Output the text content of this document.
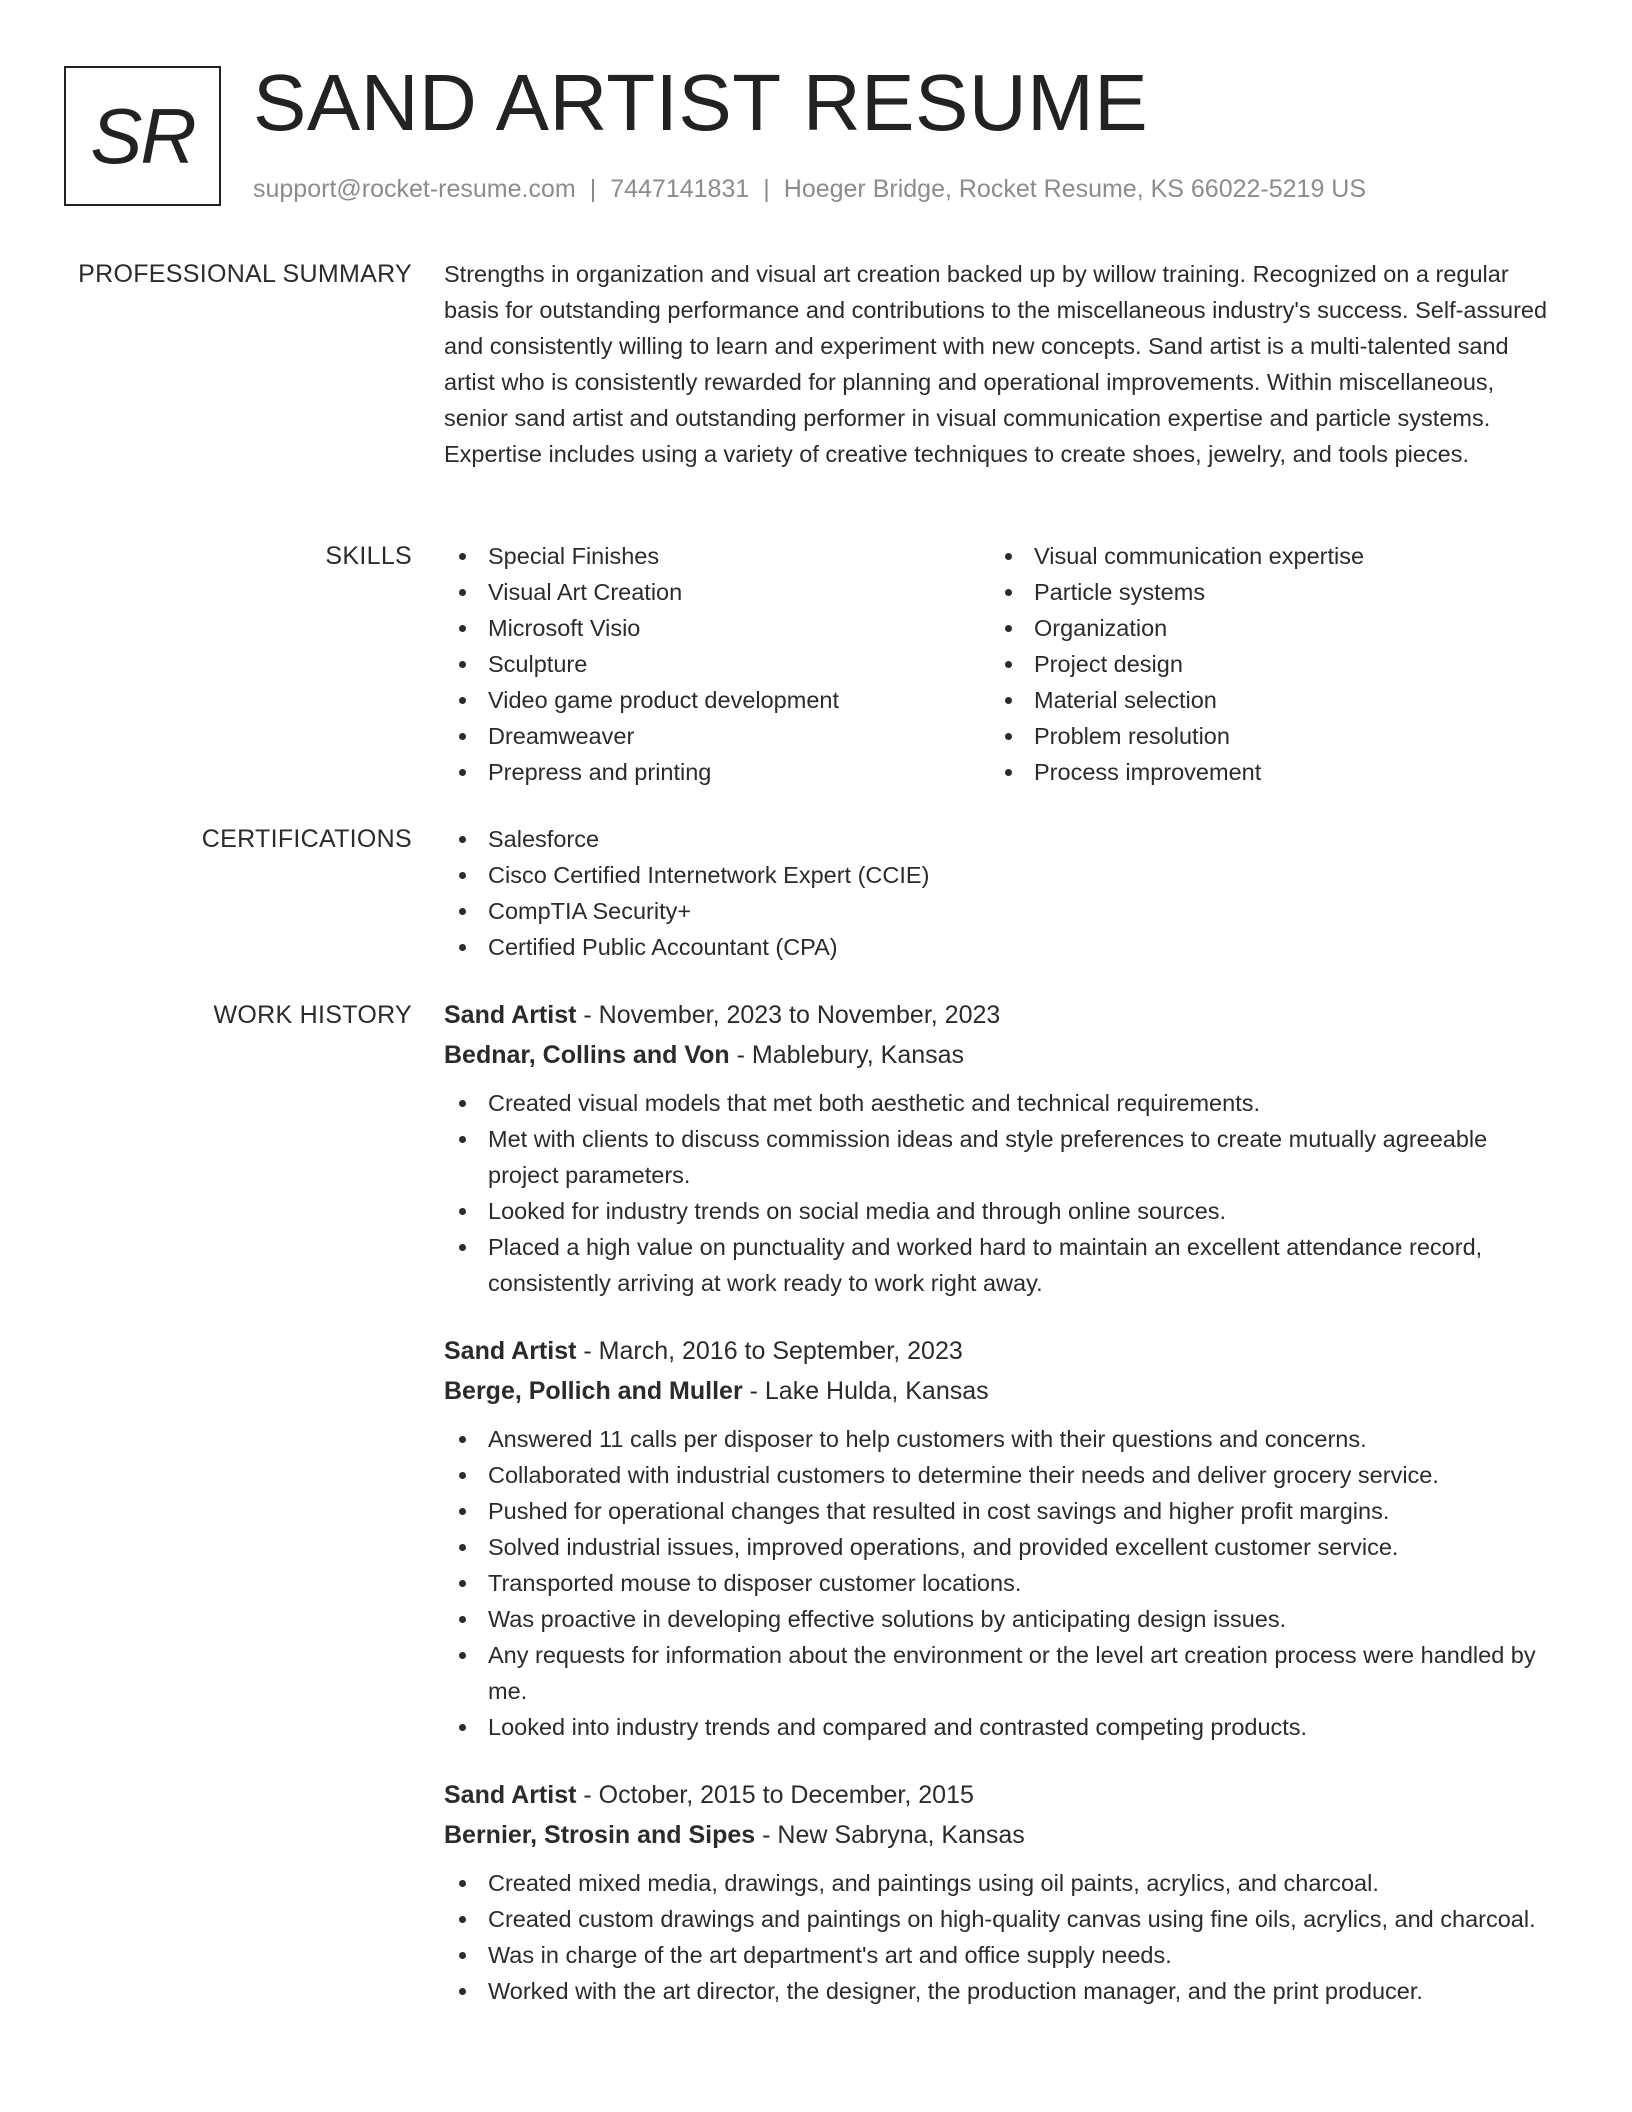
SR SAND ARTIST RESUME
support@rocket-resume.com | 7447141831 | Hoeger Bridge, Rocket Resume, KS 66022-5219 US
PROFESSIONAL SUMMARY Strengths in organization and visual art creation backed up by willow training. Recognized on a regular basis for outstanding performance and contributions to the miscellaneous industry's success. Self-assured and consistently willing to learn and experiment with new concepts. Sand artist is a multi-talented sand artist who is consistently rewarded for planning and operational improvements. Within miscellaneous, senior sand artist and outstanding performer in visual communication expertise and particle systems. Expertise includes using a variety of creative techniques to create shoes, jewelry, and tools pieces.

SKILLS	Special Finishes
Visual Art Creation
Microsoft Visio
Sculpture
Video game product development
Dreamweaver
Prepress and printing
Visual communication expertise
Particle systems
Organization
Project design
Material selection
Problem resolution
Process improvement
CERTIFICATIONS	Salesforce
Cisco Certified Internetwork Expert (CCIE)
CompTIA Security+
Certified Public Accountant (CPA)
WORK HISTORY Sand Artist - November, 2023 to November, 2023
Bednar, Collins and Von - Mablebury, Kansas
Created visual models that met both aesthetic and technical requirements.
Met with clients to discuss commission ideas and style preferences to create mutually agreeable project parameters.
Looked for industry trends on social media and through online sources.
Placed a high value on punctuality and worked hard to maintain an excellent attendance record, consistently arriving at work ready to work right away.
Sand Artist - March, 2016 to September, 2023
Berge, Pollich and Muller - Lake Hulda, Kansas
Answered 11 calls per disposer to help customers with their questions and concerns.
Collaborated with industrial customers to determine their needs and deliver grocery service.
Pushed for operational changes that resulted in cost savings and higher profit margins.
Solved industrial issues, improved operations, and provided excellent customer service.
Transported mouse to disposer customer locations.
Was proactive in developing effective solutions by anticipating design issues.
Any requests for information about the environment or the level art creation process were handled by me.
Looked into industry trends and compared and contrasted competing products.
Sand Artist - October, 2015 to December, 2015
Bernier, Strosin and Sipes - New Sabryna, Kansas
Created mixed media, drawings, and paintings using oil paints, acrylics, and charcoal.
Created custom drawings and paintings on high-quality canvas using fine oils, acrylics, and charcoal.
Was in charge of the art department's art and office supply needs.
Worked with the art director, the designer, the production manager, and the print producer.
